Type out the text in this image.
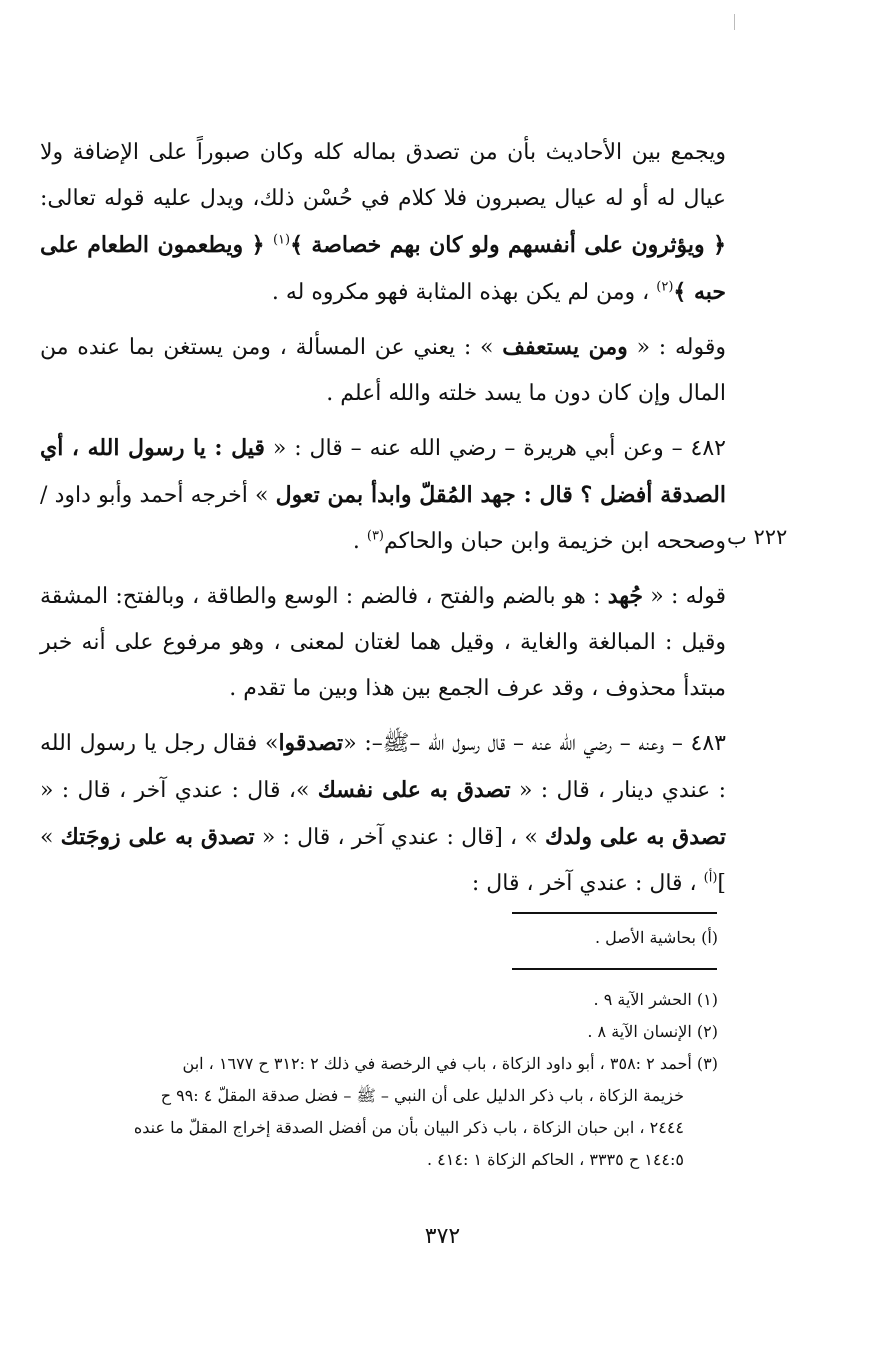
ويجمع بين الأحاديث بأن من تصدق بماله كله وكان صبوراً على الإضافة ولا عيال له أو له عيال يصبرون فلا كلام في حُسْن ذلك، ويدل عليه قوله تعالى: ﴿ ويؤثرون على أنفسهم ولو كان بهم خصاصة ﴾$^{(١)}$ ﴿ ويطعمون الطعام على حبه ﴾$^{(٢)}$ ، ومن لم يكن بهذه المثابة فهو مكروه له .

وقوله : « ومن يستعفف » : يعني عن المسألة ، ومن يستغن بما عنده من المال وإن كان دون ما يسد خلته والله أعلم .

٤٨٢ – وعن أبي هريرة – رضي الله عنه – قال : « قيل : يا رسول الله ، أي الصدقة أفضل ؟ قال : جهد المُقلّ وابدأ بمن تعول » أخرجه أحمد وأبو داود / وصححه ابن خزيمة وابن حبان والحاكم$^{(٣)}$ .

قوله : « جُهد : هو بالضم والفتح ، فالضم : الوسع والطاقة ، وبالفتح: المشقة وقيل : المبالغة والغاية ، وقيل هما لغتان لمعنى ، وهو مرفوع على أنه خبر مبتدأ محذوف ، وقد عرف الجمع بين هذا وبين ما تقدم .

٤٨٣ – وعنه – رضي الله عنه – قال رسول الله –ﷺ–: «تصدقوا» فقال رجل يا رسول الله : عندي دينار ، قال : « تصدق به على نفسك »، قال : عندي آخر ، قال : « تصدق به على ولدك » ، [قال : عندي آخر ، قال : « تصدق به على زوجَتك » ]$^{(أ)}$ ، قال : عندي آخر ، قال :

٢٢٢ ب

(أ) بحاشية الأصل .

(١) الحشر الآية ٩ .

(٢) الإنسان الآية ٨ .

(٣) أحمد ٢ :٣٥٨ ، أبو داود الزكاة ، باب في الرخصة في ذلك ٢ :٣١٢ ح ١٦٧٧ ، ابن

خزيمة الزكاة ، باب ذكر الدليل على أن النبي – ﷺ – فضل صدقة المقلّ ٤ :٩٩ ح

٢٤٤٤ ، ابن حبان الزكاة ، باب ذكر البيان بأن من أفضل الصدقة إخراج المقلّ ما عنده

١٤٤:٥ ح ٣٣٣٥ ، الحاكم الزكاة ١ :٤١٤ .

٣٧٢
